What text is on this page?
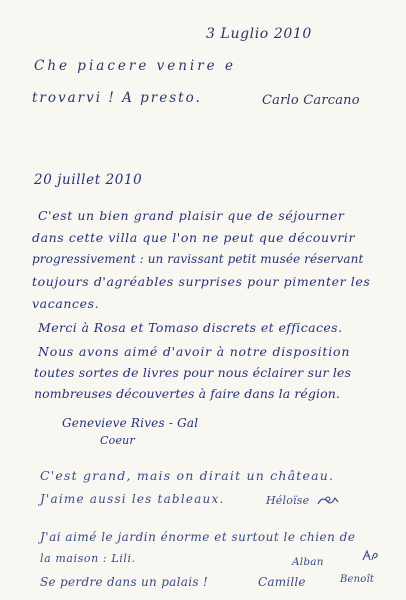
3 Luglio 2010
Che piacere venire e
trovarvi ! A presto.	Carlo Carcano
20 juillet 2010
C'est un bien grand plaisir que de séjourner
dans cette villa que l'on ne peut que découvrir
progressivement : un ravissant petit musée réservant
toujours d'agréables surprises pour pimenter les
vacances.
Merci à Rosa et Tomaso discrets et efficaces.
Nous avons aimé d'avoir à notre disposition
toutes sortes de livres pour nous éclairer sur les
nombreuses découvertes à faire dans la région.
Genevieve Rives - Gal
Coeur
C'est grand, mais on dirait un château.
J'aime aussi les tableaux.	Héloïse
J'ai aimé le jardin énorme et surtout le chien de
la maison : Lili.	Alban
Se perdre dans un palais !	Camille	Benoît
